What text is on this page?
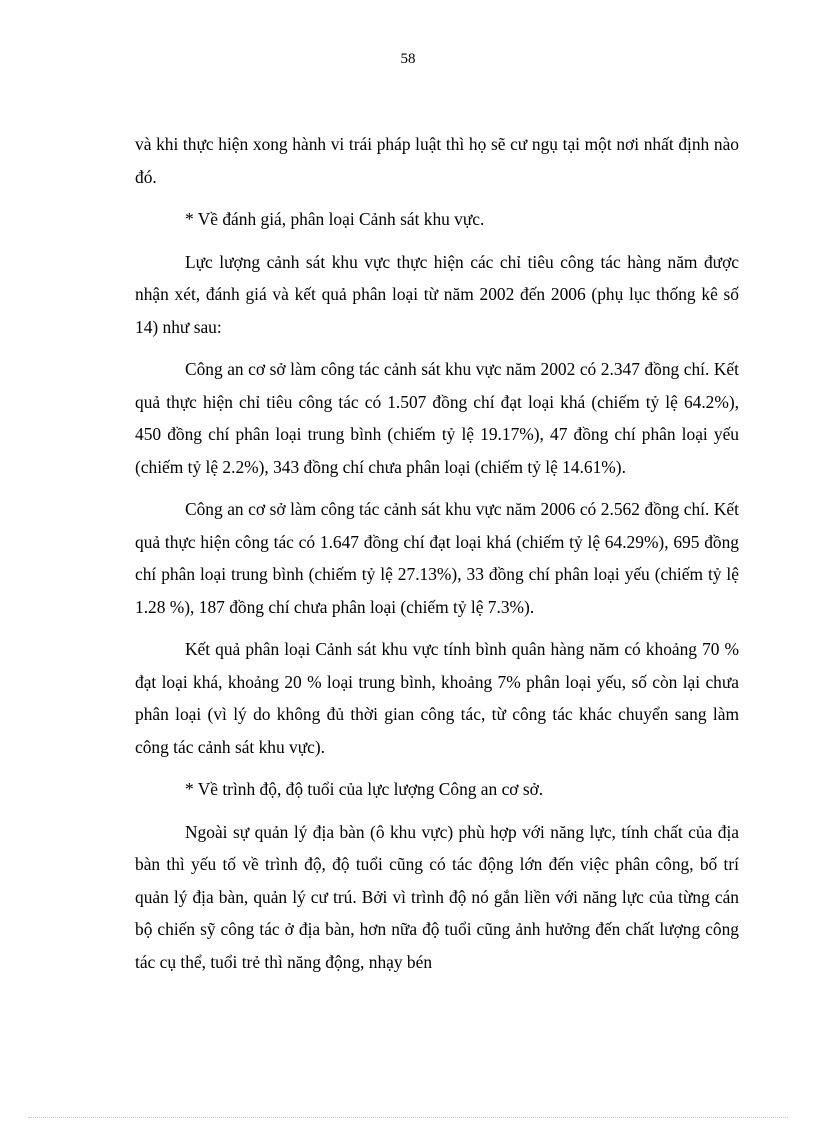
58

và khi thực hiện xong hành vi trái pháp luật thì họ sẽ cư ngụ tại một nơi nhất định nào đó.

* Về đánh giá, phân loại Cảnh sát khu vực.

Lực lượng cảnh sát khu vực thực hiện các chỉ tiêu công tác hàng năm được nhận xét, đánh giá và kết quả phân loại từ năm 2002 đến 2006 (phụ lục thống kê số 14) như sau:

Công an cơ sở làm công tác cảnh sát khu vực năm 2002 có 2.347 đồng chí. Kết quả thực hiện chỉ tiêu công tác có 1.507 đồng chí đạt loại khá (chiếm tỷ lệ 64.2%), 450 đồng chí phân loại trung bình (chiếm tỷ lệ 19.17%), 47 đồng chí phân loại yếu (chiếm tỷ lệ 2.2%), 343 đồng chí chưa phân loại (chiếm tỷ lệ 14.61%).

Công an cơ sở làm công tác cảnh sát khu vực năm 2006 có 2.562 đồng chí. Kết quả thực hiện công tác có 1.647 đồng chí đạt loại khá (chiếm tỷ lệ 64.29%), 695 đồng chí phân loại trung bình (chiếm tỷ lệ 27.13%), 33 đồng chí phân loại yếu (chiếm tỷ lệ 1.28 %), 187 đồng chí chưa phân loại (chiếm tỷ lệ 7.3%).

Kết quả phân loại Cảnh sát khu vực tính bình quân hàng năm có khoảng 70 % đạt loại khá, khoảng 20 % loại trung bình, khoảng 7% phân loại yếu, số còn lại chưa phân loại (vì lý do không đủ thời gian công tác, từ công tác khác chuyển sang làm công tác cảnh sát khu vực).

* Về trình độ, độ tuổi của lực lượng Công an cơ sở.

Ngoài sự quản lý địa bàn (ô khu vực) phù hợp với năng lực, tính chất của địa bàn thì yếu tố về trình độ, độ tuổi cũng có tác động lớn đến việc phân công, bố trí quản lý địa bàn, quản lý cư trú. Bởi vì trình độ nó gắn liền với năng lực của từng cán bộ chiến sỹ công tác ở địa bàn, hơn nữa độ tuổi cũng ảnh hưởng đến chất lượng công tác cụ thể, tuổi trẻ thì năng động, nhạy bén
